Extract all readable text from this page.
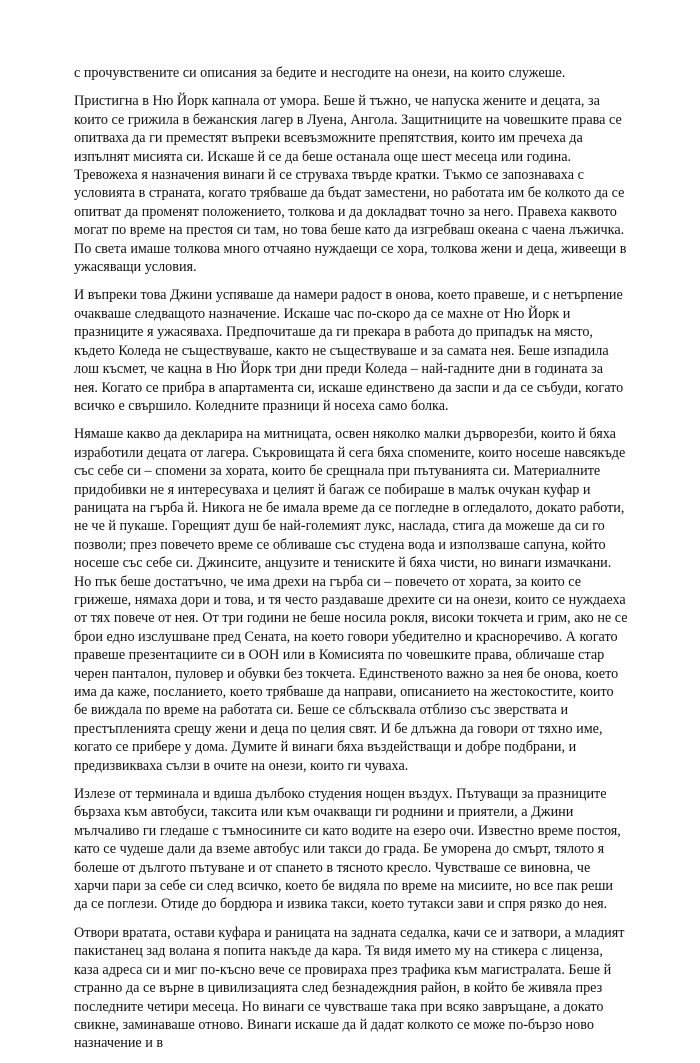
с прочувствените си описания за бедите и несгодите на онези, на които служеше.

Пристигна в Ню Йорк капнала от умора. Беше й тъжно, че напуска жените и децата, за които се грижила в бежанския лагер в Луена, Ангола. Защитниците на човешките права се опитваха да ги преместят въпреки всевъзможните препятствия, които им пречеха да изпълнят мисията си. Искаше й се да беше останала още шест месеца или година. Тревожеха я назначения винаги й се струваха твърде кратки. Тъкмо се запознаваха с условията в страната, когато трябваше да бъдат заместени, но работата им бе колкото да се опитват да променят положението, толкова и да докладват точно за него. Правеха каквото могат по време на престоя си там, но това беше като да изгребваш океана с чаена лъжичка. По света имаше толкова много отчаяно нуждаещи се хора, толкова жени и деца, живеещи в ужасяващи условия.

И въпреки това Джини успяваше да намери радост в онова, което правеше, и с нетърпение очакваше следващото назначение. Искаше час по-скоро да се махне от Ню Йорк и празниците я ужасяваха. Предпочиташе да ги прекара в работа до припадък на място, където Коледа не съществуваше, както не съществуваше и за самата нея. Беше изпадила лош късмет, че кацна в Ню Йорк три дни преди Коледа – най-гадните дни в годината за нея. Когато се прибра в апартамента си, искаше единствено да заспи и да се събуди, когато всичко е свършило. Коледните празници й носеха само болка.

Нямаше какво да декларира на митницата, освен няколко малки дърворезби, които й бяха изработили децата от лагера. Съкровищата й сега бяха спомените, които носеше навсякъде със себе си – спомени за хората, които бе срещнала при пътуванията си. Материалните придобивки не я интересуваха и целият й багаж се побираше в малък очукан куфар и раницата на гърба й. Никога не бе имала време да се погледне в огледалото, докато работи, не че й пукаше. Горещият душ бе най-големият лукс, наслада, стига да можеше да си го позволи; през повечето време се обливаше със студена вода и използваше сапуна, който носеше със себе си. Джинсите, анцузите и тениските й бяха чисти, но винаги измачкани. Но пък беше достатъчно, че има дрехи на гърба си – повечето от хората, за които се грижеше, нямаха дори и това, и тя често раздаваше дрехите си на онези, които се нуждаеха от тях повече от нея. От три години не беше носила рокля, високи токчета и грим, ако не се брои едно изслушване пред Сената, на което говори убедително и красноречиво. А когато правеше презентациите си в ООН или в Комисията по човешките права, обличаше стар черен панталон, пуловер и обувки без токчета. Единственото важно за нея бе онова, което има да каже, посланието, което трябваше да направи, описанието на жестокостите, които бе виждала по време на работата си. Беше се сблъсквала отблизо със зверствата и престъпленията срещу жени и деца по целия свят. И бе длъжна да говори от тяхно име, когато се прибере у дома. Думите й винаги бяха въздействащи и добре подбрани, и предизвикваха сълзи в очите на онези, които ги чуваха.

Излезе от терминала и вдиша дълбоко студения нощен въздух. Пътуващи за празниците бързаха към автобуси, таксита или към очакващи ги роднини и приятели, а Джини мълчаливо ги гледаше с тъмносините си като водите на езеро очи. Известно време постоя, като се чудеше дали да вземе автобус или такси до града. Бе уморена до смърт, тялото я болеше от дългото пътуване и от спането в тясното кресло. Чувстваше се виновна, че харчи пари за себе си след всичко, което бе видяла по време на мисиите, но все пак реши да се поглези. Отиде до бордюра и извика такси, което тутакси зави и спря рязко до нея.

Отвори вратата, остави куфара и раницата на задната седалка, качи се и затвори, а младият пакистанец зад волана я попита накъде да кара. Тя видя името му на стикера с лиценза, каза адреса си и миг по-късно вече се провираха през трафика към магистралата. Беше й странно да се върне в цивилизацията след безнадеждния район, в който бе живяла през последните четири месеца. Но винаги се чувстваше така при всяко завръщане, а докато свикне, заминаваше отново. Винаги искаше да й дадат колкото се може по-бързо ново назначение и в
